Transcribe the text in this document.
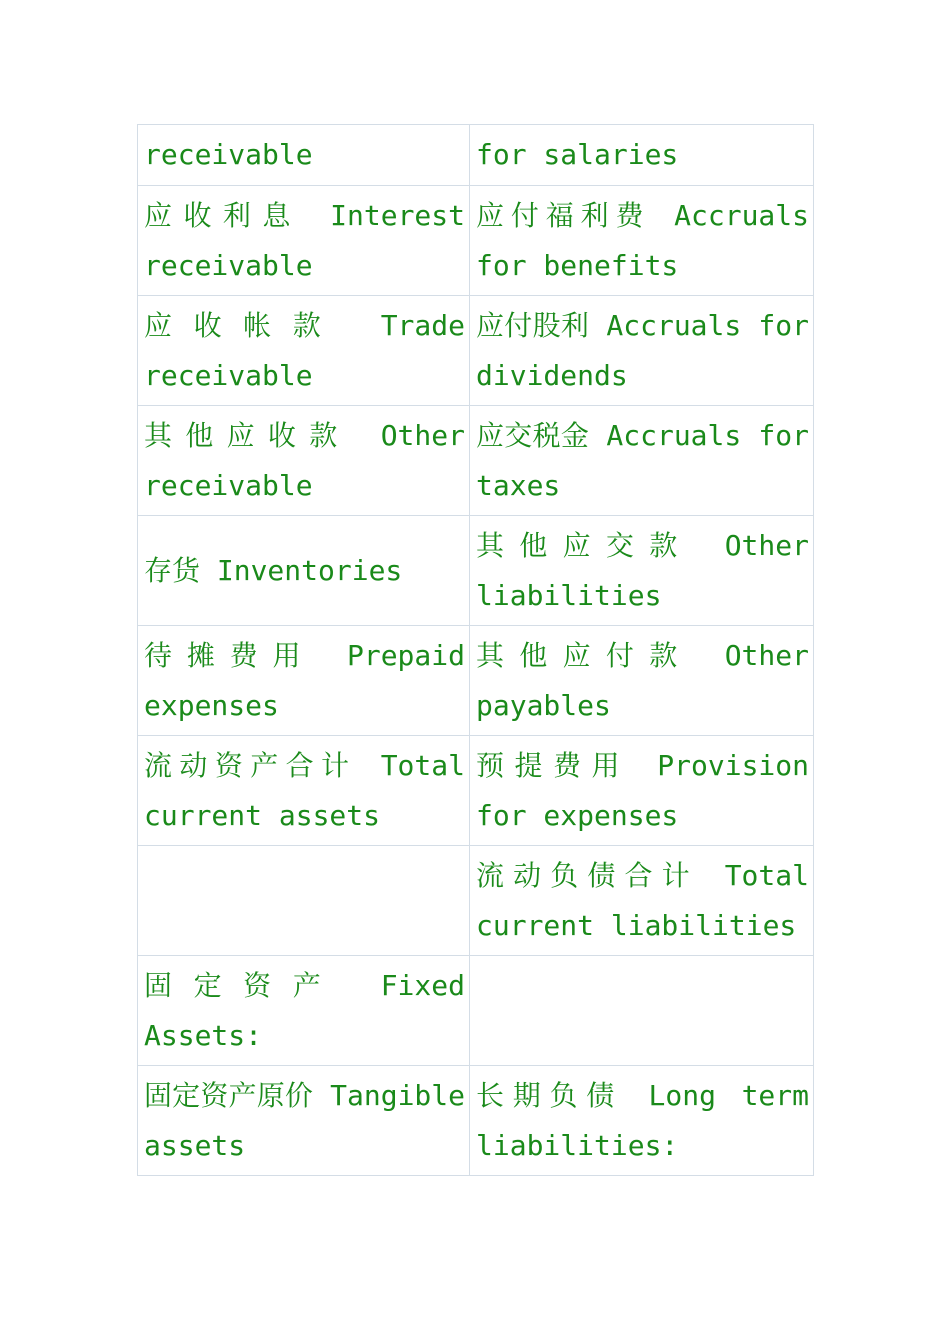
receivable	for salaries
应收利息 Interest receivable	应付福利费 Accruals for benefits
应收帐款 Trade receivable	应付股利 Accruals for dividends
其他应收款 Other receivable	应交税金 Accruals for taxes
存货 Inventories	其他应交款 Other liabilities
待摊费用 Prepaid expenses	其他应付款 Other payables
流动资产合计 Total current assets	预提费用 Provision for expenses
	流动负债合计 Total current liabilities
固定资产 Fixed Assets:	
固定资产原价 Tangible assets	长期负债 Long term liabilities:
